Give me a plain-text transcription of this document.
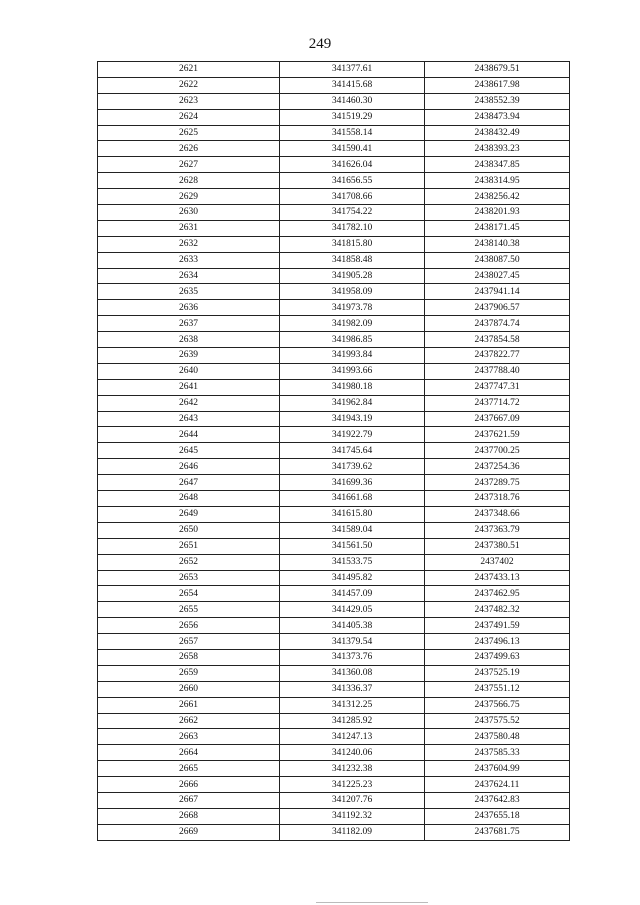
249
2621	341377.61	2438679.51
2622	341415.68	2438617.98
2623	341460.30	2438552.39
2624	341519.29	2438473.94
2625	341558.14	2438432.49
2626	341590.41	2438393.23
2627	341626.04	2438347.85
2628	341656.55	2438314.95
2629	341708.66	2438256.42
2630	341754.22	2438201.93
2631	341782.10	2438171.45
2632	341815.80	2438140.38
2633	341858.48	2438087.50
2634	341905.28	2438027.45
2635	341958.09	2437941.14
2636	341973.78	2437906.57
2637	341982.09	2437874.74
2638	341986.85	2437854.58
2639	341993.84	2437822.77
2640	341993.66	2437788.40
2641	341980.18	2437747.31
2642	341962.84	2437714.72
2643	341943.19	2437667.09
2644	341922.79	2437621.59
2645	341745.64	2437700.25
2646	341739.62	2437254.36
2647	341699.36	2437289.75
2648	341661.68	2437318.76
2649	341615.80	2437348.66
2650	341589.04	2437363.79
2651	341561.50	2437380.51
2652	341533.75	2437402
2653	341495.82	2437433.13
2654	341457.09	2437462.95
2655	341429.05	2437482.32
2656	341405.38	2437491.59
2657	341379.54	2437496.13
2658	341373.76	2437499.63
2659	341360.08	2437525.19
2660	341336.37	2437551.12
2661	341312.25	2437566.75
2662	341285.92	2437575.52
2663	341247.13	2437580.48
2664	341240.06	2437585.33
2665	341232.38	2437604.99
2666	341225.23	2437624.11
2667	341207.76	2437642.83
2668	341192.32	2437655.18
2669	341182.09	2437681.75
